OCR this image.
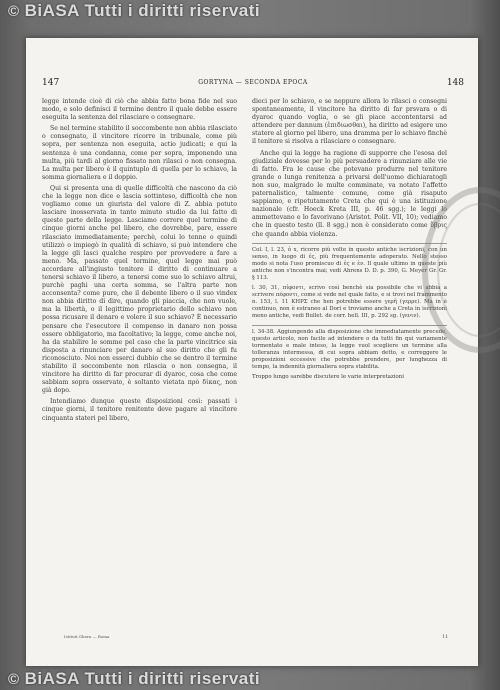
© BiASA Tutti i diritti riservati
147	GORTYNA — SECONDA EPOCA	148

legge intende cioè di ciò che abbia fatto bona fide nel suo modo, e solo definisci il termine dentro il quale debbe essere eseguita la sentenza del rilasciare o consegnare.

Se nel termine stabilito il soccombente non abbia rilasciato o consegnato, il vincitore ricorre in tribunale, come più sopra, per sentenza non eseguita, actio judicati; e qui la sentenza è una condanna, come per sopra, imponendo una multa, più tardi al giorno fissato non rilasci o non consegna. La multa per libero è il quintuplo di quella per lo schiavo, la somma giornaliera e il doppio.

Qui si presenta una di quelle difficoltà che nascono da ciò che la legge non dice e lascia sottinteso, difficoltà che non vogliamo come un giurista del valore di Z. abbia potuto lasciare inosservata in tanto minuto studio da lui fatto di queste parte della legge. Lasciamo correre quel termine di cinque giorni anche pel libero, che dovrebbe, pare, essere rilasciato immediatamente; perchè, colui lo tenne o quindi utilizzò o impiegò in qualità di schiavo, si può intendere che la legge gli lasci qualche respiro per provvedere a fare a meno. Ma, passato quel termine, quel legge mai può accordare all'ingiusto tenitore il diritto di continuare a tenersi schiavo il libero, a tenersi come suo lo schiavo altrui, purchè paghi una certa somma, se l'altra parte non acconsenta? come pure, che il debente libero o il suo vindex non abbia diritto di dire, quando gli piaccia, che non vuole, ma la libertà, o il legittimo proprietario dello schiavo non possa ricusare il denaro e volere il suo schiavo? È necessario pensare che l'esecutore il compenso in danaro non possa essere obbligatorio, ma facoltativo; la legge, come anche noi, ha da stabilire le somme pel caso che la parte vincitrice sia disposta a rinunciare per danaro al suo diritto che gli fu riconosciuto. Noi non esserci dubbio che se dentro il termine stabilito il soccombente non rilascia o non consegna, il vincitore ha diritto di far procurar di dyaroc, cosa che come sabbiam sopra osservato, è soltanto vietata πρὸ δίκας, non già dopo.

Intendiamo dunque queste disposizioni così: passati i cinque giorni, il tenitore renitente deve pagare al vincitore cinquanta stateri pel libero,

dieci per lo schiavo, e se neppure allora lo rilasci o consegni spontaneamente, il vincitore ha diritto di far prsvara o di dyaroc quando voglia, o se gli piace accontentarsi ad attendere per dannum (ἐπιδιωσθαι), ha diritto ad esigere uno statere al giorno pel libero, una dramma per lo schiavo finchè il tenitore si risolva a rilasciare o consegnare.

Anche qui la legge ha ragione di supporre che l'esosa del giudiziale dovesse per lo più persuadere a rinunziare alle vie di fatto. Fra le cause che potevano produrre nel tenitore grande o lunga renitenza a privarsi dell'uomo dichiaratogli non suo, malgrado le multe comminate, va notato l'affetto paternalistico, talmente comune, come già risaputo sappiamo, e ripetutamente Creta che qui è una istituzione nazionale (cfr. Hoeck Kreta III, p. 46 sgg.); le leggi lo ammettevano e lo favorivano (Aristot. Polit. VII, 10); vediamo che in questo testo (ll. 8 sgg.) non è considerato come ὕβρις che quando abbia violenza.

Col. I, l. 23, ὁ x, ricorre più volte in questo antiche iscrizioni, con un senso, in luogo di ἐς, più frequentemente adoperato. Nello stesso modo si nota l'uso promiscuo di ἐς e ἐν. Il quale ultimo in queste più antiche non s'incontra mai; vedi Ahrens D. D. p. 390, G. Meyer Gr. Gr. § 113.

l. 30, 31, πίφοντι, scrivo così benchè sia possibile che vi abbia a scrivere πέφοντι, come si vede nel quale fatto, e si trovi nel frammento n. 153, l. 11 KHPΣ che hen potrebbe essere γερῆ (γερρε). Ma in è continuo, non è estraneo al Dori e troviamo anche a Creta in iscrizioni meno antiche, vedi Bullet. de corr. hell. III, p. 292 sg. (γενιν).

l. 34-38. Aggiungendo alla disposizione che immediatamente precede, questo articolo, non facile ad intendere o da tutti fin qui variamente tormentato e male inteso, la legge vuol scegliere un termine alla tolleranza intermessa, di cui sopra abbiam detto, e correggere le proposizioni eccessive che potrebbe prendere, per lunghezza di tempo, la indennità giornaliera sopra stabilita.

Troppo lungo sarebbe discutere le varie interpretazioni

Istituti Ghera — Roma	11
© BiASA Tutti i diritti riservati
